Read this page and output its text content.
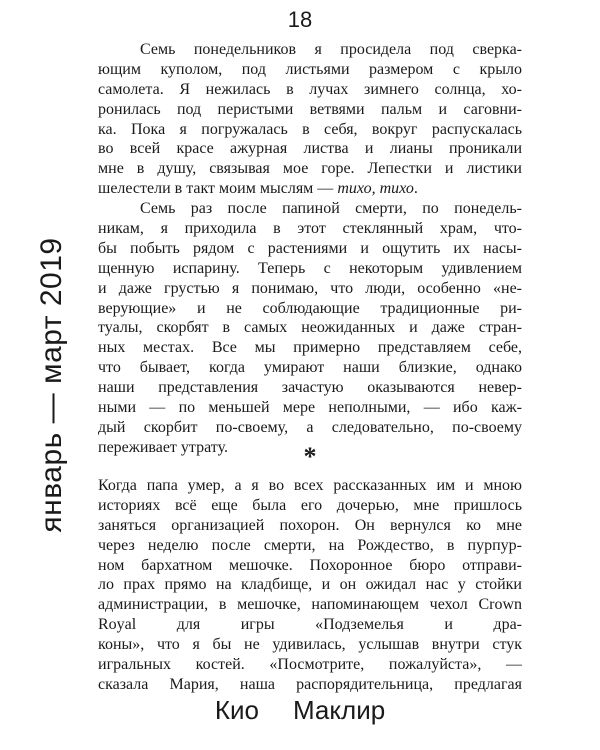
18
январь — март 2019
Семь понедельников я просидела под сверка-
ющим куполом, под листьями размером с крыло
самолета. Я нежилась в лучах зимнего солнца, хо-
ронилась под перистыми ветвями пальм и саговни-
ка. Пока я погружалась в себя, вокруг распускалась
во всей красе ажурная листва и лианы проникали
мне в душу, связывая мое горе. Лепестки и листики
шелестели в такт моим мыслям — тихо, тихо.
Семь раз после папиной смерти, по понедель-
никам, я приходила в этот стеклянный храм, что-
бы побыть рядом с растениями и ощутить их насы-
щенную испарину. Теперь с некоторым удивлением
и даже грустью я понимаю, что люди, особенно «не-
верующие» и не соблюдающие традиционные ри-
туалы, скорбят в самых неожиданных и даже стран-
ных местах. Все мы примерно представляем себе,
что бывает, когда умирают наши близкие, однако
наши представления зачастую оказываются невер-
ными — по меньшей мере неполными, — ибо каж-
дый скорбит по-своему, а следовательно, по-своему
переживает утрату.	*
Когда папа умер, а я во всех рассказанных им и мною
историях всё еще была его дочерью, мне пришлось
заняться организацией похорон. Он вернулся ко мне
через неделю после смерти, на Рождество, в пурпур-
ном бархатном мешочке. Похоронное бюро отправи-
ло прах прямо на кладбище, и он ожидал нас у стойки
администрации, в мешочке, напоминающем чехол Crown Royal для игры «Подземелья и дра-
коны», что я бы не удивилась, услышав внутри стук
игральных костей. «Посмотрите, пожалуйста», —
сказала Мария, наша распорядительница, предлагая
Кио Маклир
